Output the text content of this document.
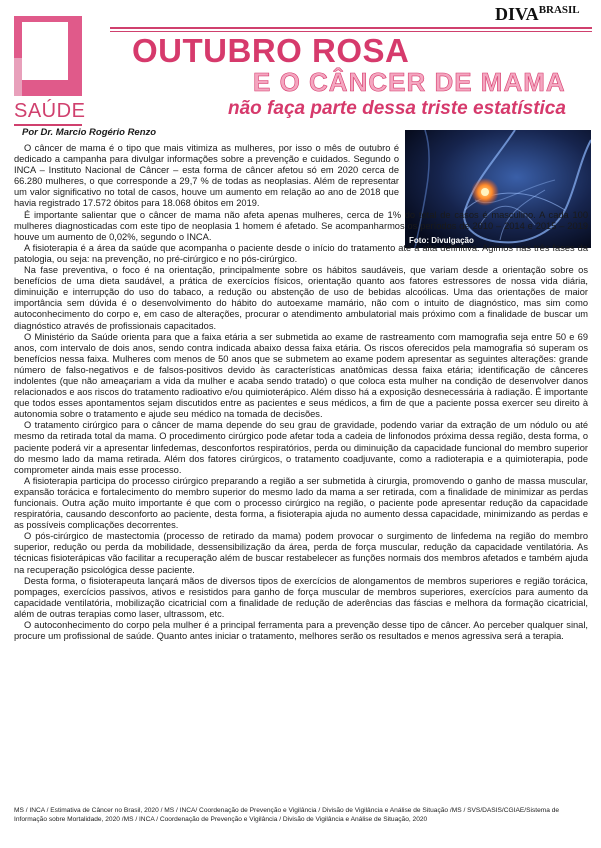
SAÚDE
$DIVA^{BRASIL}$
OUTUBRO ROSA
E O CÂNCER DE MAMA
não faça parte dessa triste estatística
Por Dr. Marcio Rogério Renzo
Foto: Divulgação

O câncer de mama é o tipo que mais vitimiza as mulheres, por isso o mês de outubro é dedicado a campanha para divulgar informações sobre a prevenção e cuidados. Segundo o INCA – Instituto Nacional de Câncer – esta forma de câncer afetou só em 2020 cerca de 66.280 mulheres, o que corresponde a 29,7 % de todas as neoplasias. Além de representar um valor significativo no total de casos, houve um aumento em relação ao ano de 2018 que havia registrado 17.572 óbitos para 18.068 óbitos em 2019.

É importante salientar que o câncer de mama não afeta apenas mulheres, cerca de 1% do total de casos é masculino. A cada 100 mulheres diagnosticadas com este tipo de neoplasia 1 homem é afetado. Se acompanharmos os períodos de 2010 – 2014 e 2015 – 2019 houve um aumento de 0,02%, segundo o INCA.

A fisioterapia é a área da saúde que acompanha o paciente desde o início do tratamento até a alta definitiva. Agimos nas três fases da patologia, ou seja: na prevenção, no pré-cirúrgico e no pós-cirúrgico.

Na fase preventiva, o foco é na orientação, principalmente sobre os hábitos saudáveis, que variam desde a orientação sobre os benefícios de uma dieta saudável, a prática de exercícios físicos, orientação quanto aos fatores estressores de nossa vida diária, diminuição e interrupção do uso do tabaco, a redução ou abstenção de uso de bebidas alcoólicas. Uma das orientações de maior importância sem dúvida é o desenvolvimento do hábito do autoexame mamário, não com o intuito de diagnóstico, mas sim como autoconhecimento do corpo e, em caso de alterações, procurar o atendimento ambulatorial mais próximo com a finalidade de buscar um diagnóstico através de profissionais capacitados.

O Ministério da Saúde orienta para que a faixa etária a ser submetida ao exame de rastreamento com mamografia seja entre 50 e 69 anos, com intervalo de dois anos, sendo contra indicada abaixo dessa faixa etária. Os riscos oferecidos pela mamografia só superam os benefícios nessa faixa. Mulheres com menos de 50 anos que se submetem ao exame podem apresentar as seguintes alterações: grande número de falso-negativos e de falsos-positivos devido às características anatômicas dessa faixa etária; identificação de cânceres indolentes (que não ameaçariam a vida da mulher e acaba sendo tratado) o que coloca esta mulher na condição de desenvolver danos relacionados e aos riscos do tratamento radioativo e/ou quimioterápico. Além disso há a exposição desnecessária à radiação. É importante que todos esses apontamentos sejam discutidos entre as pacientes e seus médicos, a fim de que a paciente possa exercer seu direito à autonomia sobre o tratamento e ajude seu médico na tomada de decisões.

O tratamento cirúrgico para o câncer de mama depende do seu grau de gravidade, podendo variar da extração de um nódulo ou até mesmo da retirada total da mama. O procedimento cirúrgico pode afetar toda a cadeia de linfonodos próxima dessa região, desta forma, o paciente poderá vir a apresentar linfedemas, desconfortos respiratórios, perda ou diminuição da capacidade funcional do membro superior do mesmo lado da mama retirada. Além dos fatores cirúrgicos, o tratamento coadjuvante, como a radioterapia e a quimioterapia, pode comprometer ainda mais esse processo.

A fisioterapia participa do processo cirúrgico preparando a região a ser submetida à cirurgia, promovendo o ganho de massa muscular, expansão torácica e fortalecimento do membro superior do mesmo lado da mama a ser retirada, com a finalidade de minimizar as perdas funcionais. Outra ação muito importante é que com o processo cirúrgico na região, o paciente pode apresentar redução da capacidade respiratória, causando desconforto ao paciente, desta forma, a fisioterapia ajuda no aumento dessa capacidade, minimizando as perdas e as possíveis complicações decorrentes.

O pós-cirúrgico de mastectomia (processo de retirado da mama) podem provocar o surgimento de linfedema na região do membro superior, redução ou perda da mobilidade, dessensibilização da área, perda de força muscular, redução da capacidade ventilatória. As técnicas fisioterápicas vão facilitar a recuperação além de buscar restabelecer as funções normais dos membros afetados e também ajuda na recuperação psicológica desse paciente.

Desta forma, o fisioterapeuta lançará mãos de diversos tipos de exercícios de alongamentos de membros superiores e região torácica, pompages, exercícios passivos, ativos e resistidos para ganho de força muscular de membros superiores, exercícios para aumento da capacidade ventilatória, mobilização cicatricial com a finalidade de redução de aderências das fáscias e melhora da formação cicatricial, além de outras terapias como laser, ultrassom, etc.

O autoconhecimento do corpo pela mulher é a principal ferramenta para a prevenção desse tipo de câncer. Ao perceber qualquer sinal, procure um profissional de saúde. Quanto antes iniciar o tratamento, melhores serão os resultados e menos agressiva será a terapia.

MS / INCA / Estimativa de Câncer no Brasil, 2020 / MS / INCA/ Coordenação de Prevenção e Vigilância / Divisão de Vigilância e Análise de Situação /MS / SVS/DASIS/CGIAE/Sistema de Informação sobre Mortalidade, 2020 /MS / INCA / Coordenação de Prevenção e Vigilância / Divisão de Vigilância e Análise de Situação, 2020
